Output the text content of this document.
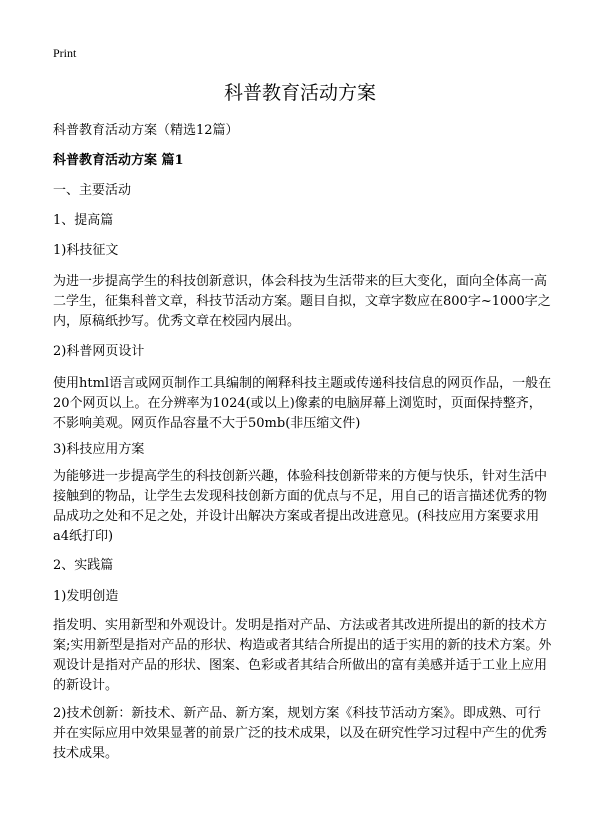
Print
科普教育活动方案

科普教育活动方案（精选12篇）

科普教育活动方案 篇1

一、主要活动

1、提高篇

1)科技征文

为进一步提高学生的科技创新意识，体会科技为生活带来的巨大变化，面向全体高一高二学生，征集科普文章，科技节活动方案。题目自拟，文章字数应在800字~1000字之内，原稿纸抄写。优秀文章在校园内展出。

2)科普网页设计

使用html语言或网页制作工具编制的阐释科技主题或传递科技信息的网页作品，一般在20个网页以上。在分辨率为1024(或以上)像素的电脑屏幕上浏览时，页面保持整齐，不影响美观。网页作品容量不大于50mb(非压缩文件)

3)科技应用方案

为能够进一步提高学生的科技创新兴趣，体验科技创新带来的方便与快乐，针对生活中接触到的物品，让学生去发现科技创新方面的优点与不足，用自己的语言描述优秀的物品成功之处和不足之处，并设计出解决方案或者提出改进意见。(科技应用方案要求用a4纸打印)

2、实践篇

1)发明创造

指发明、实用新型和外观设计。发明是指对产品、方法或者其改进所提出的新的技术方案;实用新型是指对产品的形状、构造或者其结合所提出的适于实用的新的技术方案。外观设计是指对产品的形状、图案、色彩或者其结合所做出的富有美感并适于工业上应用的新设计。

2)技术创新：新技术、新产品、新方案，规划方案《科技节活动方案》。即成熟、可行并在实际应用中效果显著的前景广泛的技术成果，以及在研究性学习过程中产生的优秀技术成果。
